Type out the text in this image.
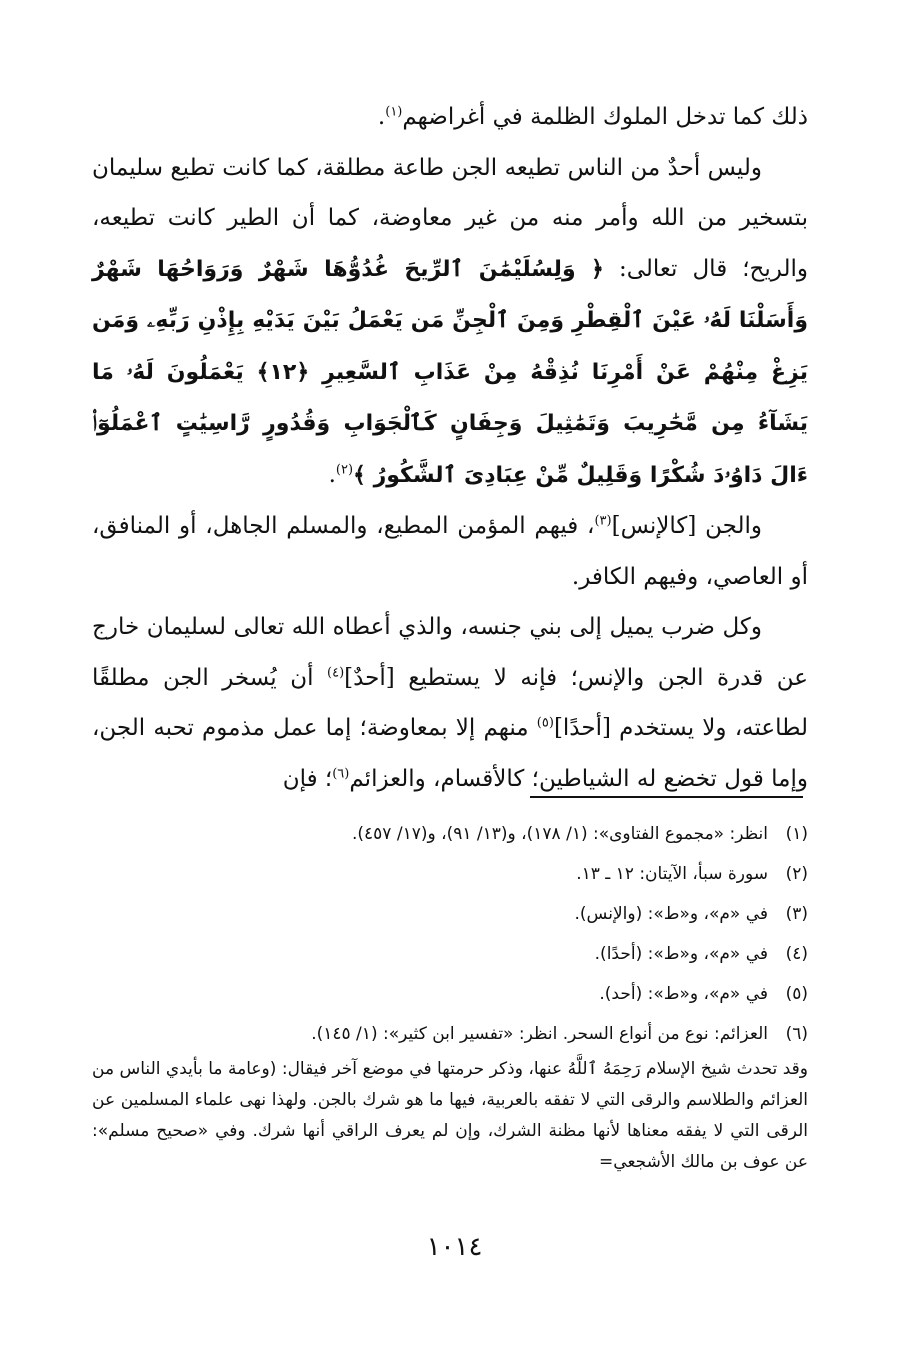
ذلك كما تدخل الملوك الظلمة في أغراضهم$^{(١)}$.

وليس أحدٌ من الناس تطيعه الجن طاعة مطلقة، كما كانت تطيع سليمان بتسخير من الله وأمر منه من غير معاوضة، كما أن الطير كانت تطيعه، والريح؛ قال تعالى: ﴿ وَلِسُلَيْمَٰنَ ٱلرِّيحَ غُدُوُّهَا شَهْرٌ وَرَوَاحُهَا شَهْرٌ وَأَسَلْنَا لَهُۥ عَيْنَ ٱلْقِطْرِ وَمِنَ ٱلْجِنِّ مَن يَعْمَلُ بَيْنَ يَدَيْهِ بِإِذْنِ رَبِّهِۦ وَمَن يَزِغْ مِنْهُمْ عَنْ أَمْرِنَا نُذِقْهُ مِنْ عَذَابِ ٱلسَّعِيرِ ﴿١٢﴾ يَعْمَلُونَ لَهُۥ مَا يَشَآءُ مِن مَّحَٰرِيبَ وَتَمَٰثِيلَ وَجِفَانٍ كَٱلْجَوَابِ وَقُدُورٍ رَّاسِيَٰتٍ ٱعْمَلُوٓا۟ ءَالَ دَاوُۥدَ شُكْرًا وَقَلِيلٌ مِّنْ عِبَادِىَ ٱلشَّكُورُ ﴾$^{(٢)}$.

والجن [كالإنس]$^{(٣)}$، فيهم المؤمن المطيع، والمسلم الجاهل، أو المنافق، أو العاصي، وفيهم الكافر.

وكل ضرب يميل إلى بني جنسه، والذي أعطاه الله تعالى لسليمان خارج عن قدرة الجن والإنس؛ فإنه لا يستطيع [أحدٌ]$^{(٤)}$ أن يُسخر الجن مطلقًا لطاعته، ولا يستخدم [أحدًا]$^{(٥)}$ منهم إلا بمعاوضة؛ إما عمل مذموم تحبه الجن، وإما قول تخضع له الشياطين؛ كالأقسام، والعزائم$^{(٦)}$؛ فإن

(١)
انظر: «مجموع الفتاوى»: (١/ ١٧٨)، و(١٣/ ٩١)، و(١٧/ ٤٥٧).
(٢)
سورة سبأ، الآيتان: ١٢ ـ ١٣.
(٣)
في «م»، و«ط»: (والإنس).
(٤)
في «م»، و«ط»: (أحدًا).
(٥)
في «م»، و«ط»: (أحد).
(٦)
العزائم: نوع من أنواع السحر. انظر: «تفسير ابن كثير»: (١/ ١٤٥).

وقد تحدث شيخ الإسلام رَحِمَهُ ٱللَّهُ عنها، وذكر حرمتها في موضع آخر فيقال: (وعامة ما بأيدي الناس من العزائم والطلاسم والرقى التي لا تفقه بالعربية، فيها ما هو شرك بالجن. ولهذا نهى علماء المسلمين عن الرقى التي لا يفقه معناها لأنها مظنة الشرك، وإن لم يعرف الراقي أنها شرك. وفي «صحيح مسلم»: عن عوف بن مالك الأشجعي=

١٠١٤
